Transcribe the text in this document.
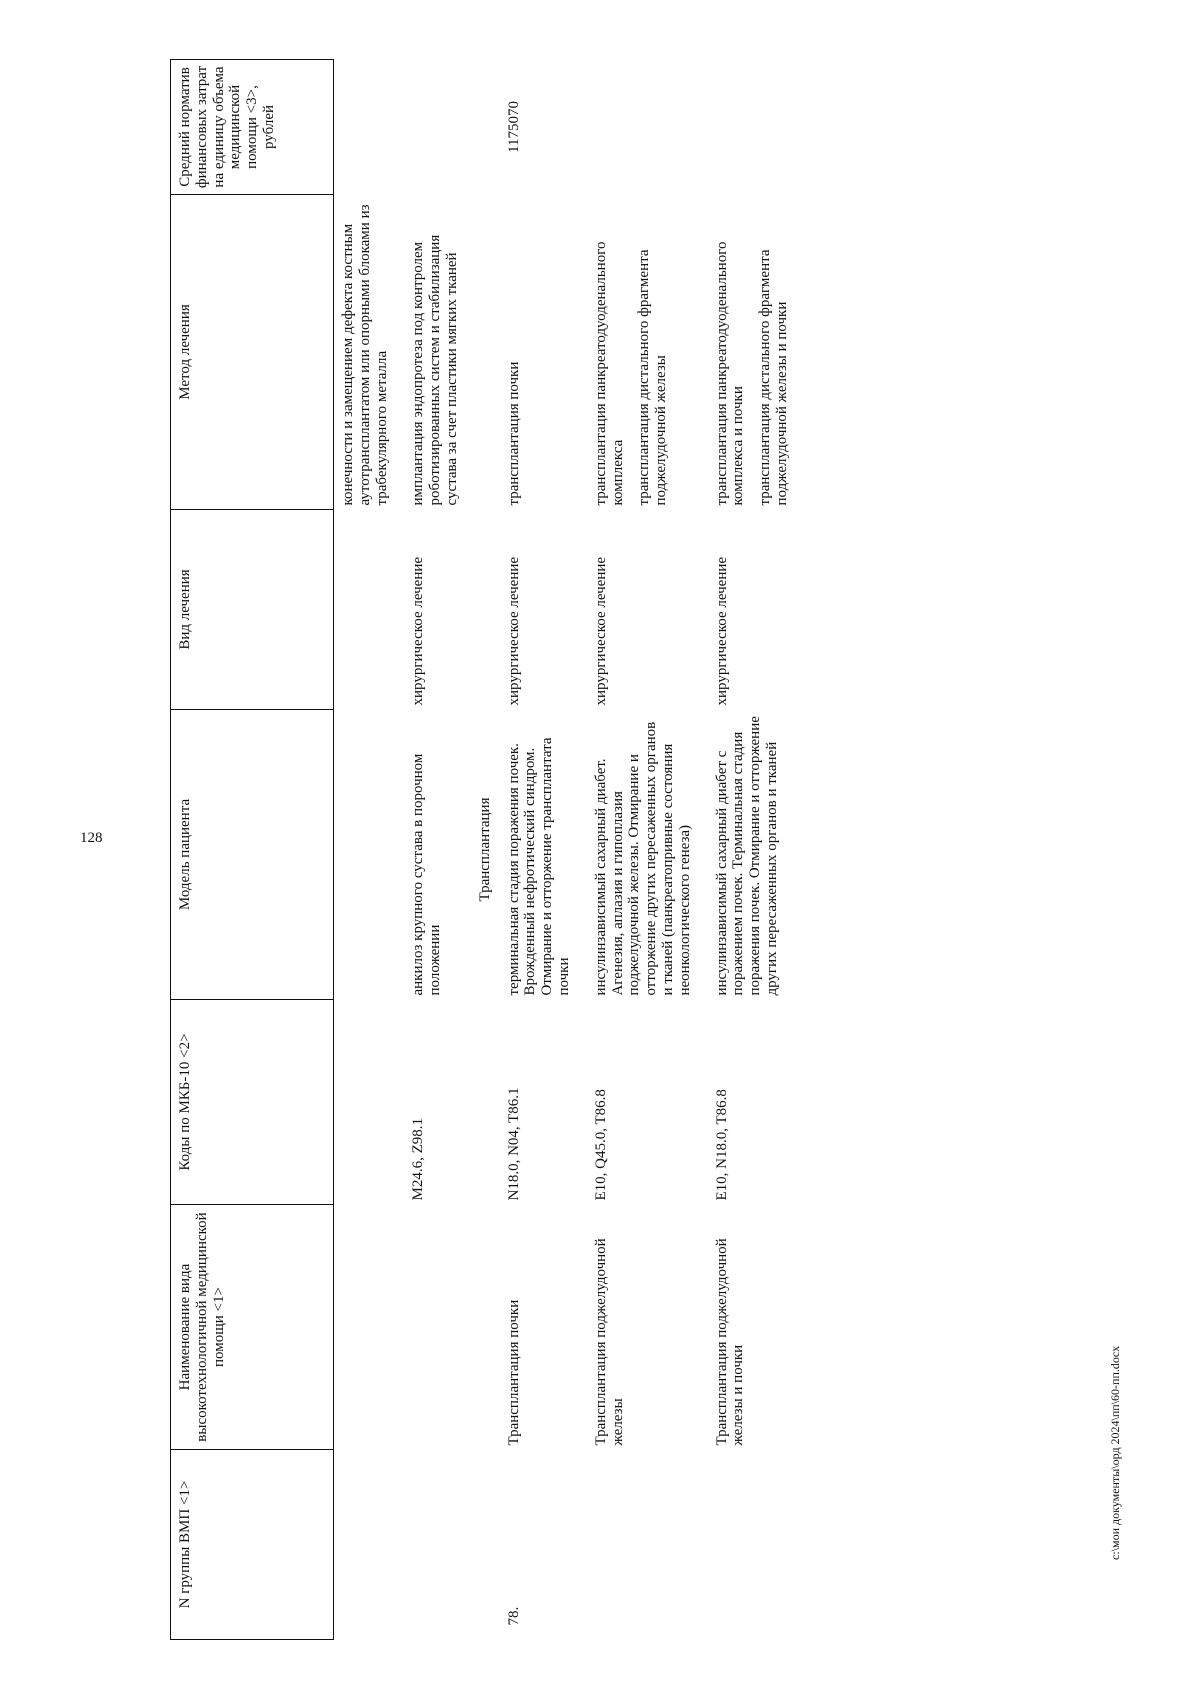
128
N группы ВМП <1>	Наименование вида высокотехнологичной медицинской помощи <1>	Коды по МКБ-10 <2>	Модель пациента	Вид лечения	Метод лечения	Средний норматив финансовых затрат на единицу объема медицинской помощи <3>, рублей

					конечности и замещением дефекта костным аутотрансплантатом или опорными блоками из трабекулярного металла	

		M24.6, Z98.1	анкилоз крупного сустава в порочном положении	хирургическое лечение	имплантация эндопротеза под контролем роботизированных систем и стабилизация сустава за счет пластики мягких тканей	

Трансплантация						
78.	Трансплантация почки	N18.0, N04, T86.1	терминальная стадия поражения почек. Врожденный нефротический синдром. Отмирание и отторжение трансплантата почки	хирургическое лечение	трансплантация почки	1175070
	Трансплантация поджелудочной железы	E10, Q45.0, T86.8	инсулинзависимый сахарный диабет. Агенезия, аплазия и гипоплазия поджелудочной железы. Отмирание и отторжение других пересаженных органов и тканей (панкреатопривные состояния неонкологического генеза)	хирургическое лечение	трансплантация панкреатодуоденального комплекса трансплантация дистального фрагмента поджелудочной железы	

	Трансплантация поджелудочной железы и почки	E10, N18.0, T86.8	инсулинзависимый сахарный диабет с поражением почек. Терминальная стадия поражения почек. Отмирание и отторжение других пересаженных органов и тканей	хирургическое лечение	трансплантация панкреатодуоденального комплекса и почки трансплантация дистального фрагмента поджелудочной железы и почки	

c:\мои документы\орд 2024\пп\60-пп.docx
